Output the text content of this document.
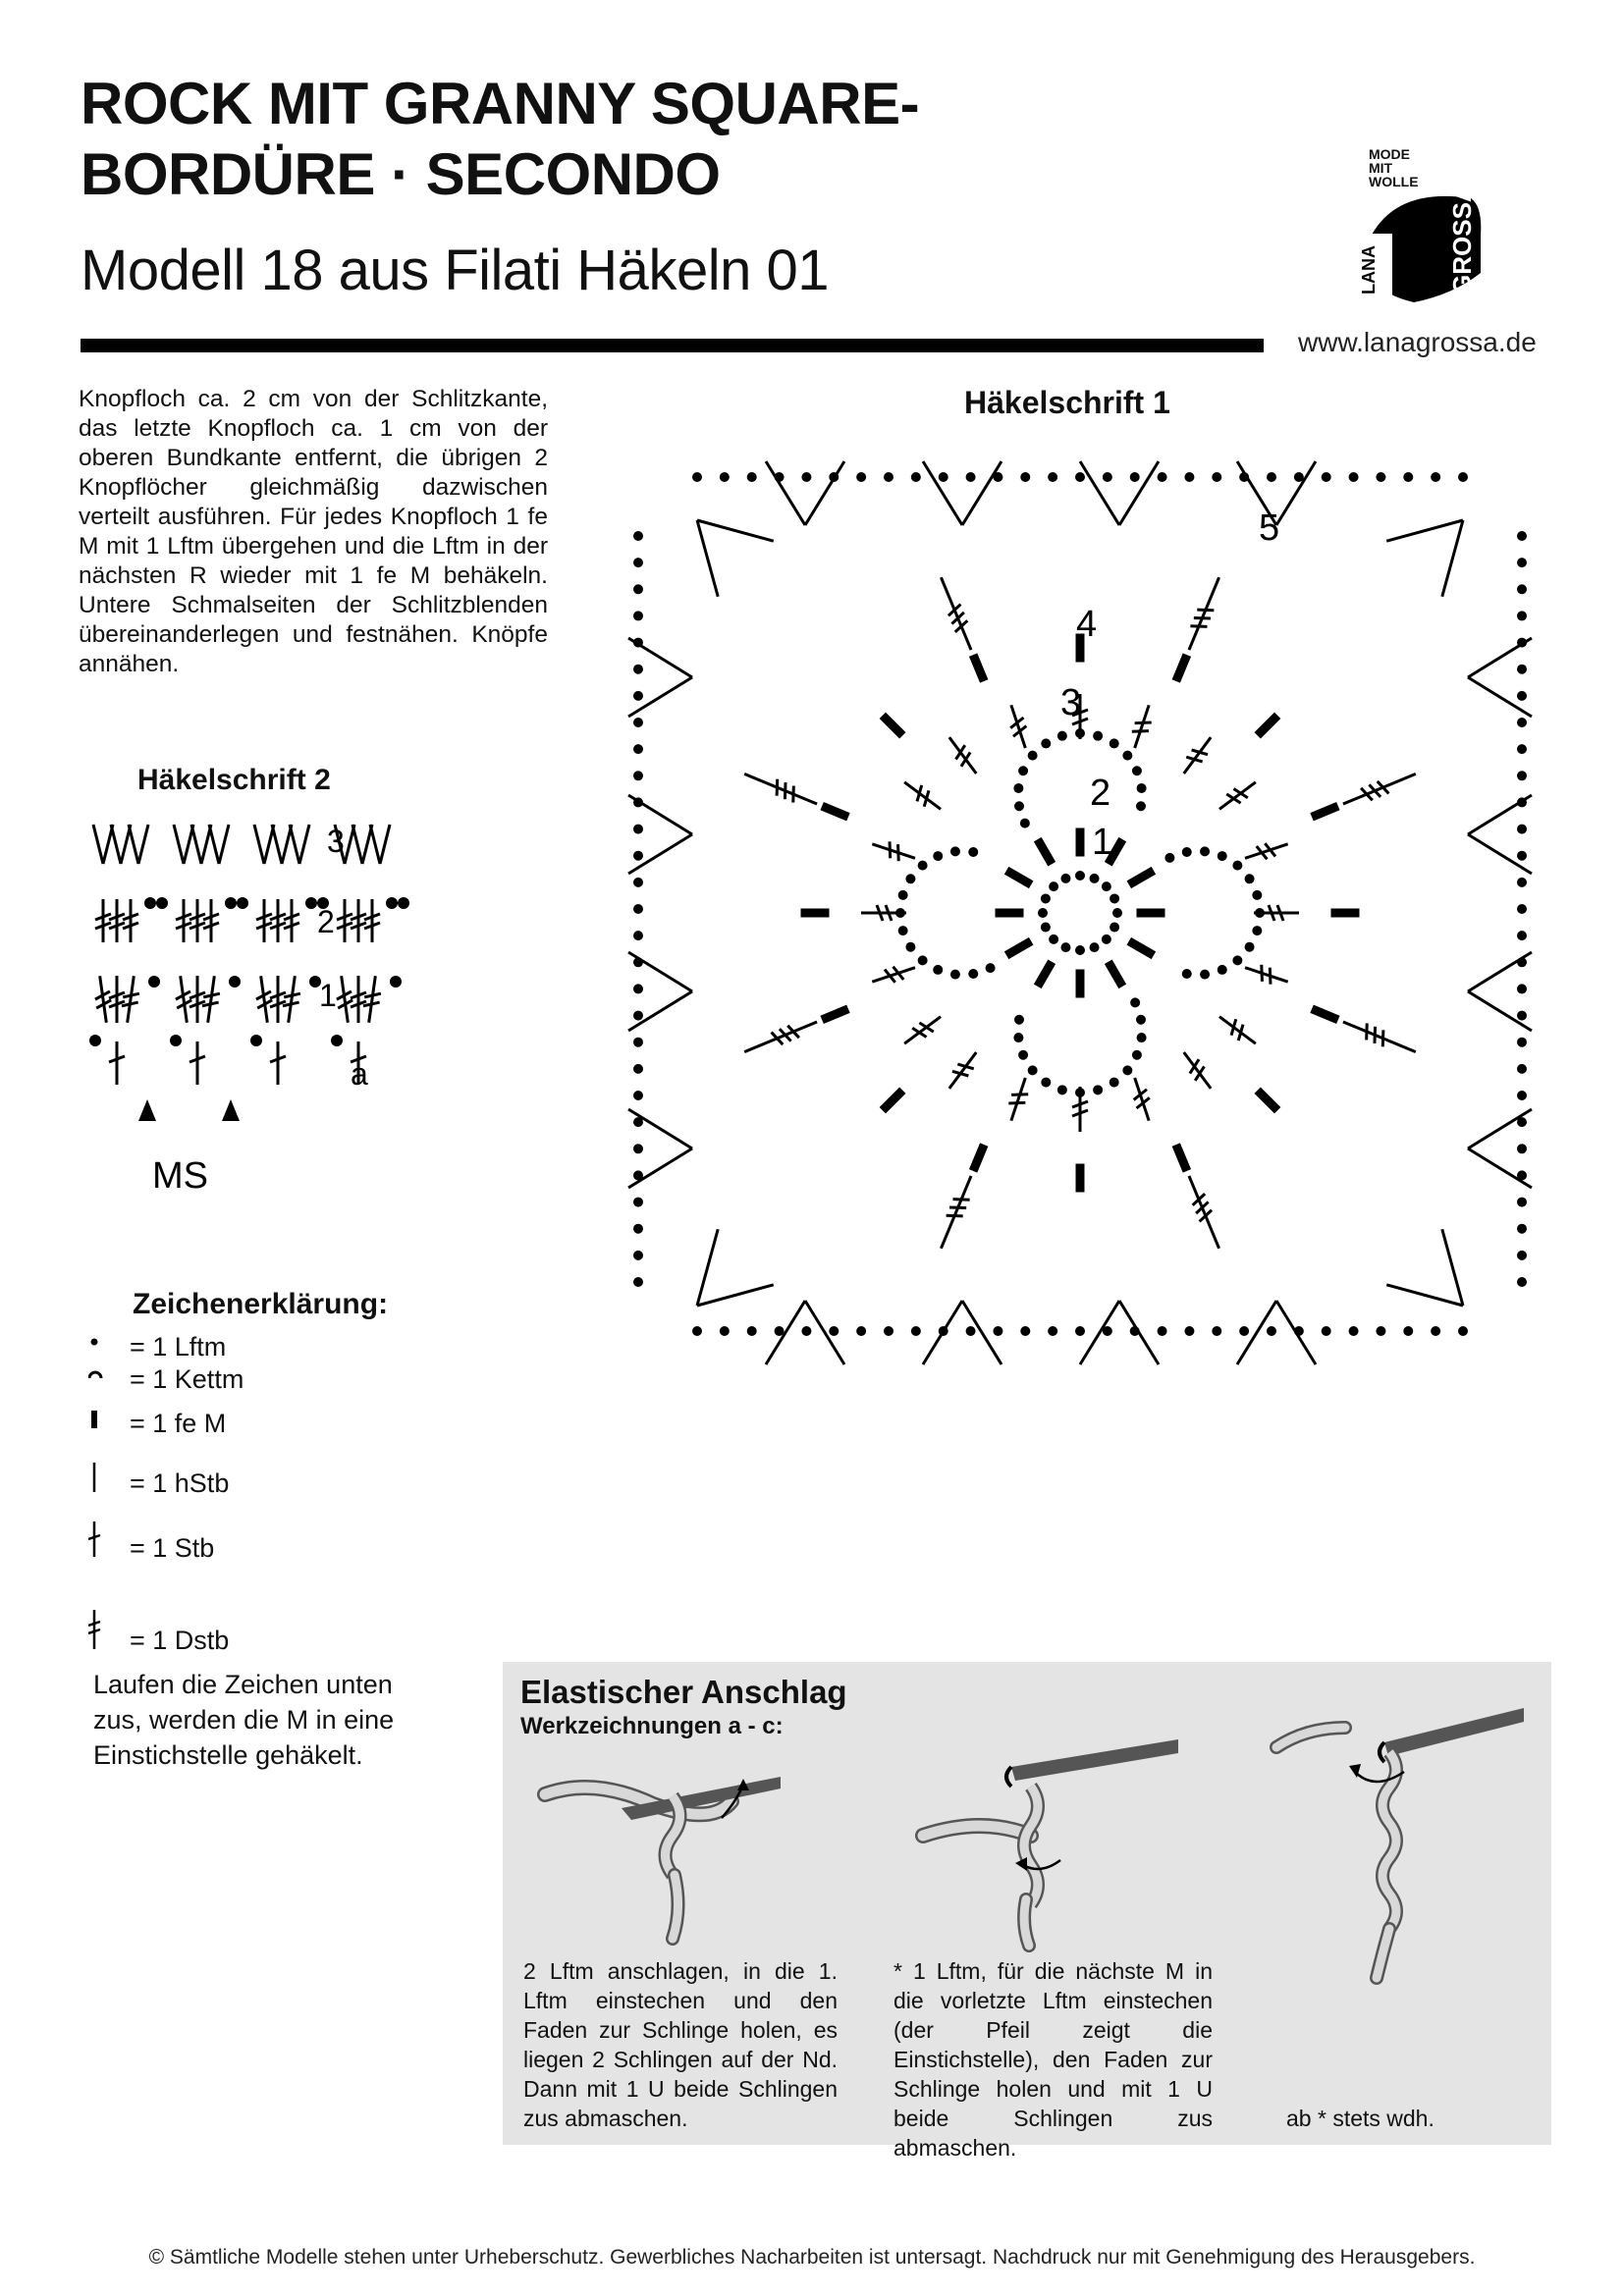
ROCK MIT GRANNY SQUARE-
BORDÜRE · SECONDO
Modell 18 aus Filati Häkeln 01
www.lanagrossa.de
MODE
MIT
WOLLE
LANA	GROSSA
Knopfloch ca. 2 cm von der Schlitzkante, das letzte Knopfloch ca. 1 cm von der oberen Bundkante entfernt, die übrigen 2 Knopflöcher gleichmäßig dazwischen verteilt ausführen. Für jedes Knopfloch 1 fe M mit 1 Lftm übergehen und die Lftm in der nächsten R wieder mit 1 fe M behäkeln. Untere Schmalseiten der Schlitzblenden übereinanderlegen und festnähen. Knöpfe annähen.
Häkelschrift 1
1
2
3
4
5
Häkelschrift 2
3
2
1
a
MS
Zeichenerklärung:
= 1 Lftm
= 1 Kettm
= 1 fe M
= 1 hStb
= 1 Stb
= 1 Dstb
Laufen die Zeichen unten zus, werden die M in eine Einstichstelle gehäkelt.
Elastischer Anschlag
Werkzeichnungen a - c:
2 Lftm anschlagen, in die 1. Lftm einstechen und den Faden zur Schlinge holen, es liegen 2 Schlingen auf der Nd. Dann mit 1 U beide Schlingen zus abmaschen.
* 1 Lftm, für die nächste M in die vorletzte Lftm einstechen (der Pfeil zeigt die Einstichstelle), den Faden zur Schlinge holen und mit 1 U beide Schlingen zus abmaschen.
ab * stets wdh.
© Sämtliche Modelle stehen unter Urheberschutz. Gewerbliches Nacharbeiten ist untersagt. Nachdruck nur mit Genehmigung des Herausgebers.
